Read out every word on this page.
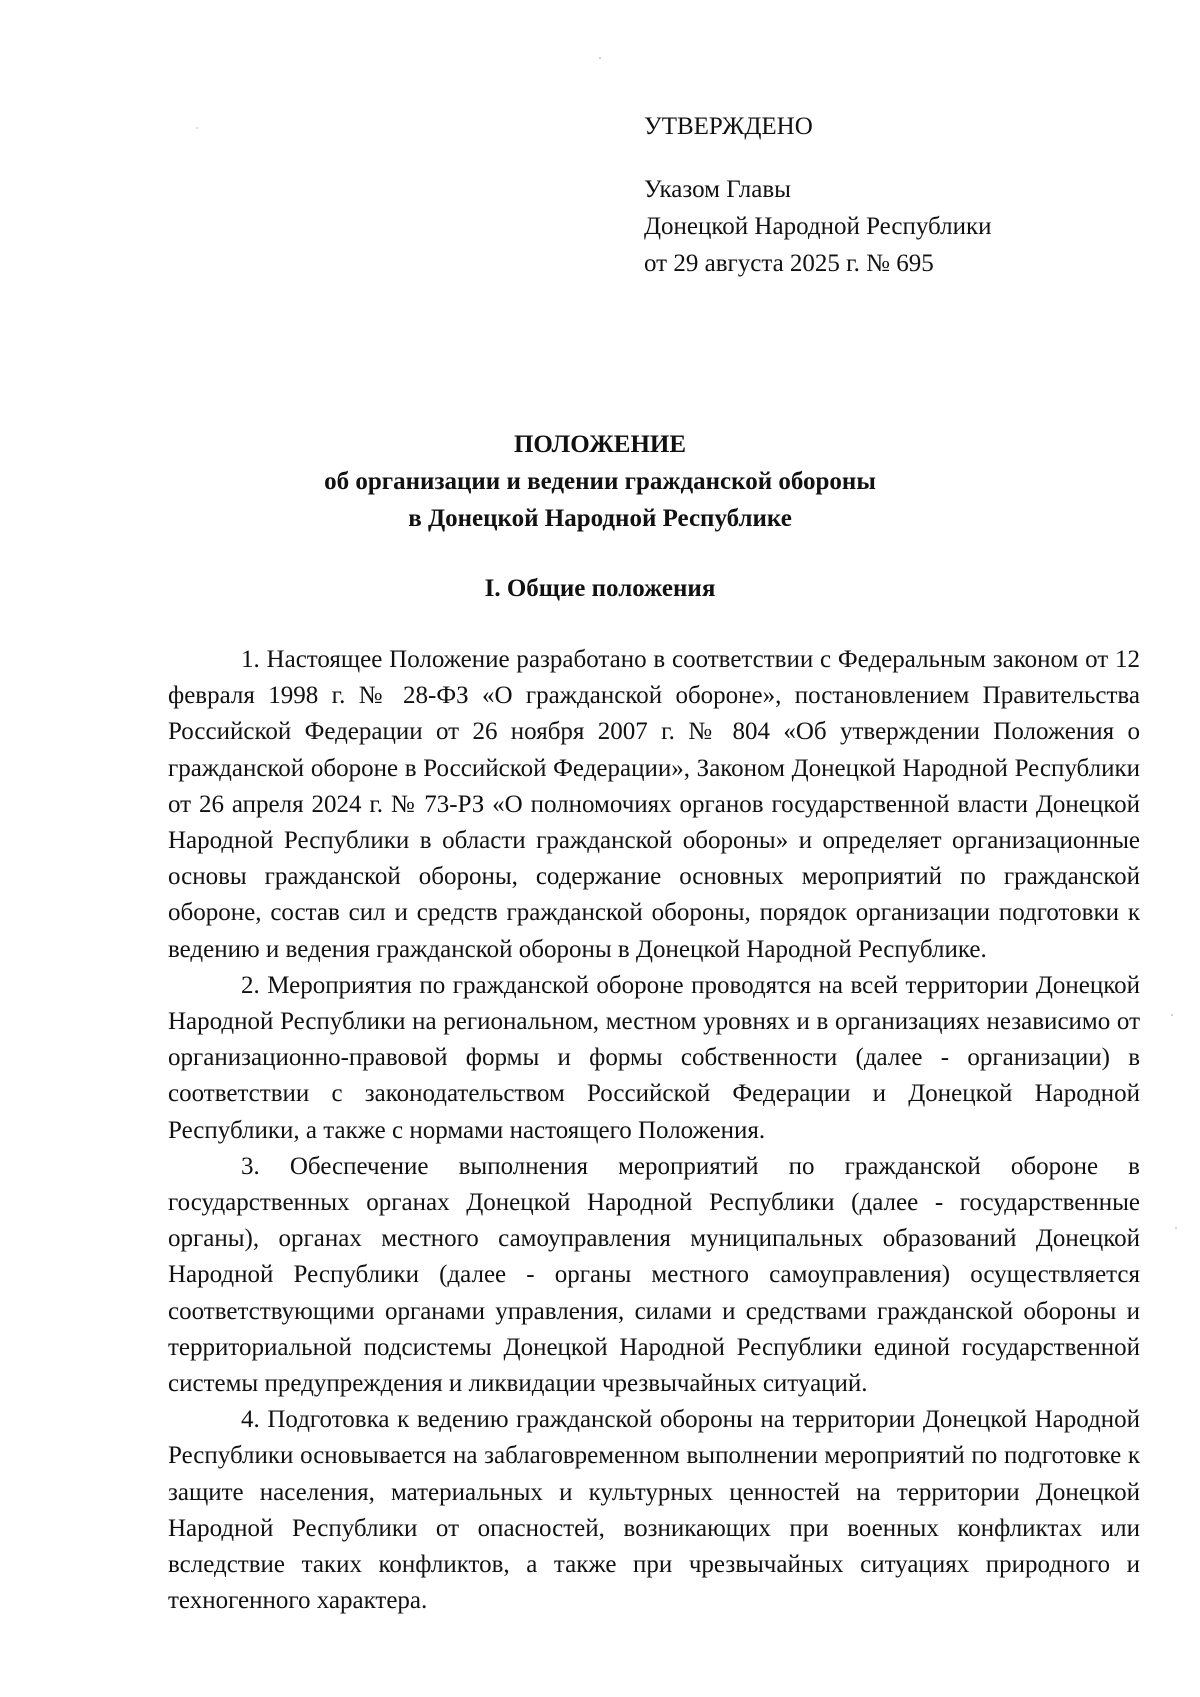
УТВЕРЖДЕНО
Указом Главы
Донецкой Народной Республики
от 29 августа 2025 г. № 695
ПОЛОЖЕНИЕ
об организации и ведении гражданской обороны
в Донецкой Народной Республике
I. Общие положения

1. Настоящее Положение разработано в соответствии с Федеральным законом от 12 февраля 1998 г. № 28-ФЗ «О гражданской обороне», постановлением Правительства Российской Федерации от 26 ноября 2007 г. № 804 «Об утверждении Положения о гражданской обороне в Российской Федерации», Законом Донецкой Народной Республики от 26 апреля 2024 г. № 73-РЗ «О полномочиях органов государственной власти Донецкой Народной Республики в области гражданской обороны» и определяет организационные основы гражданской обороны, содержание основных мероприятий по гражданской обороне, состав сил и средств гражданской обороны, порядок организации подготовки к ведению и ведения гражданской обороны в Донецкой Народной Республике.

2. Мероприятия по гражданской обороне проводятся на всей территории Донецкой Народной Республики на региональном, местном уровнях и в организациях независимо от организационно-правовой формы и формы собственности (далее - организации) в соответствии с законодательством Российской Федерации и Донецкой Народной Республики, а также с нормами настоящего Положения.

3. Обеспечение выполнения мероприятий по гражданской обороне в государственных органах Донецкой Народной Республики (далее - государственные органы), органах местного самоуправления муниципальных образований Донецкой Народной Республики (далее - органы местного самоуправления) осуществляется соответствующими органами управления, силами и средствами гражданской обороны и территориальной подсистемы Донецкой Народной Республики единой государственной системы предупреждения и ликвидации чрезвычайных ситуаций.

4. Подготовка к ведению гражданской обороны на территории Донецкой Народной Республики основывается на заблаговременном выполнении мероприятий по подготовке к защите населения, материальных и культурных ценностей на территории Донецкой Народной Республики от опасностей, возникающих при военных конфликтах или вследствие таких конфликтов, а также при чрезвычайных ситуациях природного и техногенного характера.
